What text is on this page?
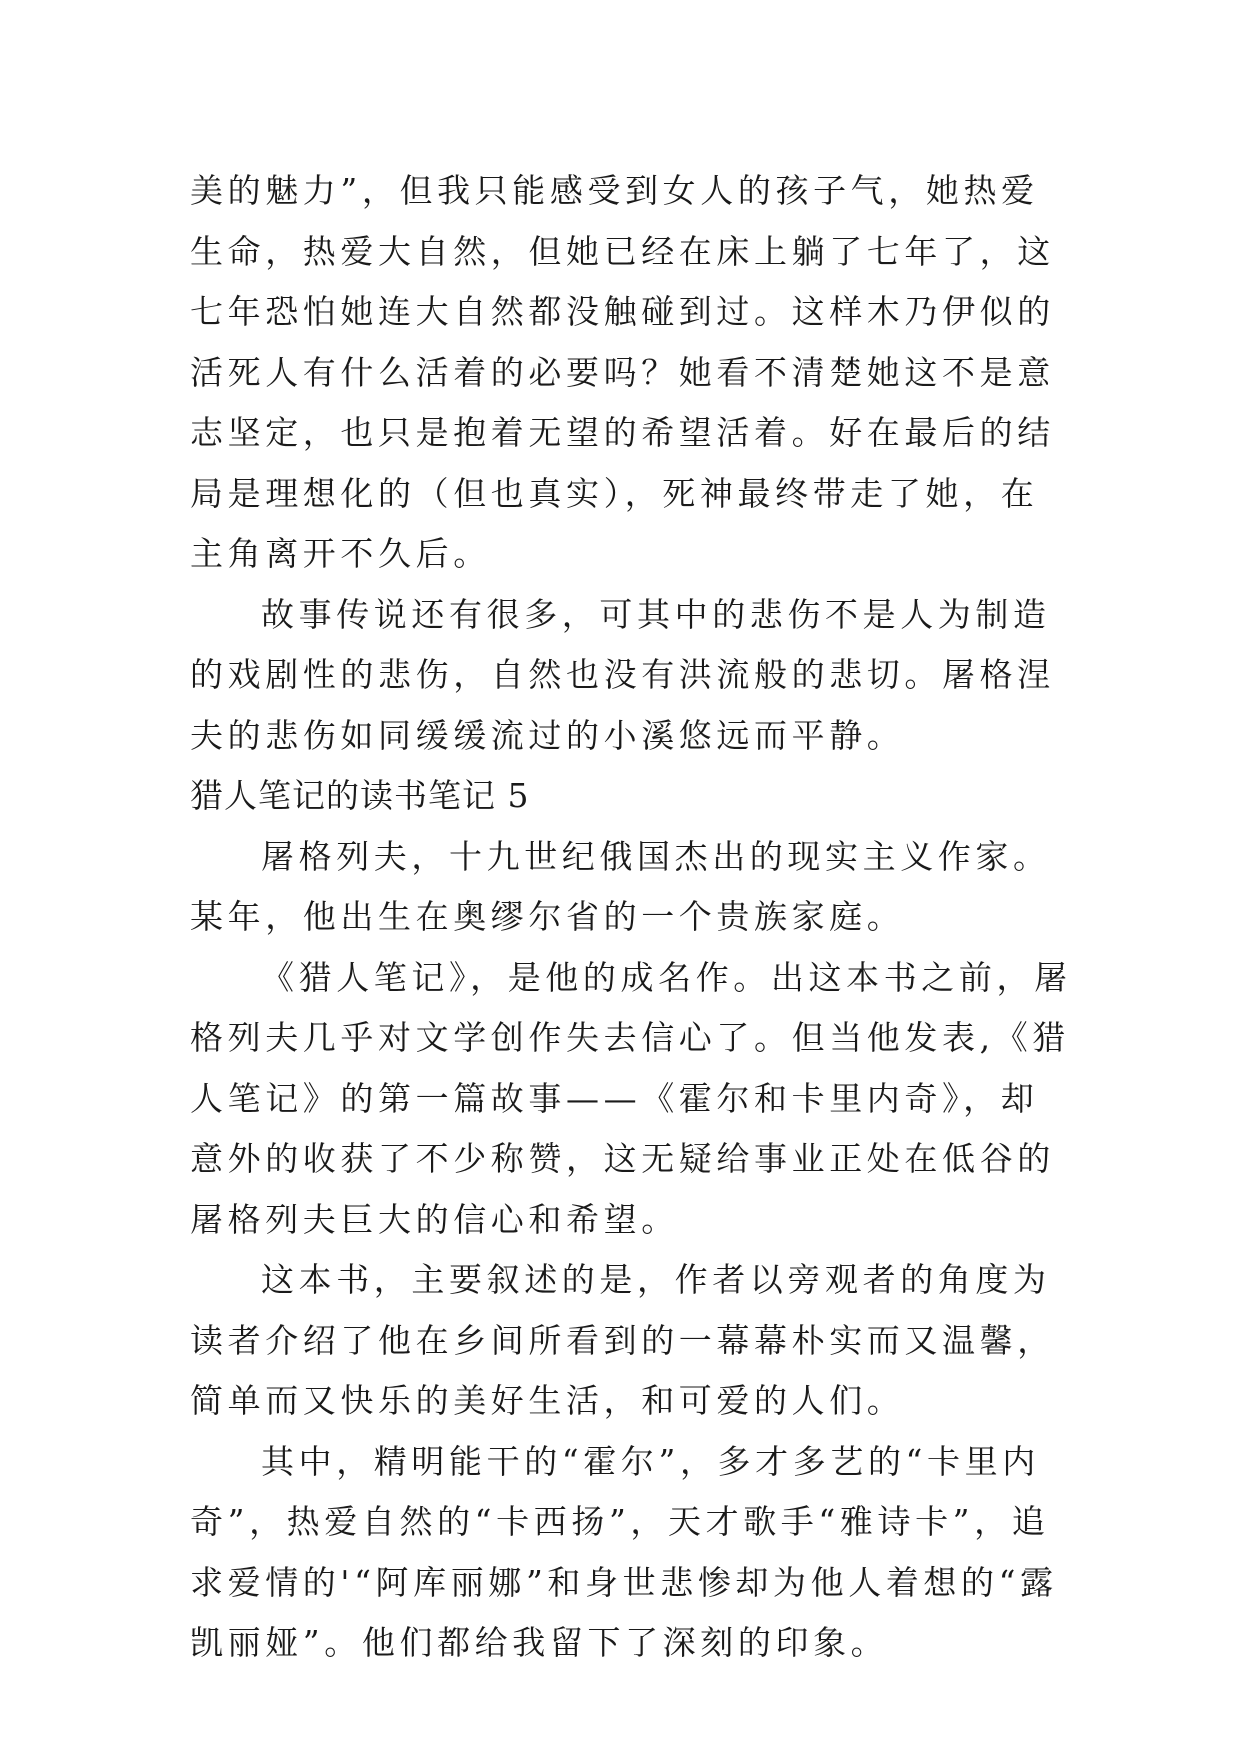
美的魅力”，但我只能感受到女人的孩子气，她热爱生命，热爱大自然，但她已经在床上躺了七年了，这七年恐怕她连大自然都没触碰到过。这样木乃伊似的活死人有什么活着的必要吗？她看不清楚她这不是意志坚定，也只是抱着无望的希望活着。好在最后的结局是理想化的（但也真实），死神最终带走了她，在主角离开不久后。

故事传说还有很多，可其中的悲伤不是人为制造的戏剧性的悲伤，自然也没有洪流般的悲切。屠格涅夫的悲伤如同缓缓流过的小溪悠远而平静。

猎人笔记的读书笔记 5

屠格列夫，十九世纪俄国杰出的现实主义作家。某年，他出生在奥缪尔省的一个贵族家庭。

《猎人笔记》，是他的成名作。出这本书之前，屠格列夫几乎对文学创作失去信心了。但当他发表,《猎人笔记》的第一篇故事——《霍尔和卡里内奇》，却意外的收获了不少称赞，这无疑给事业正处在低谷的屠格列夫巨大的信心和希望。

这本书，主要叙述的是，作者以旁观者的角度为读者介绍了他在乡间所看到的一幕幕朴实而又温馨，简单而又快乐的美好生活，和可爱的人们。

其中，精明能干的“霍尔”，多才多艺的“卡里内奇”，热爱自然的“卡西扬”，天才歌手“雅诗卡”，追求爱情的'“阿库丽娜”和身世悲惨却为他人着想的“露凯丽娅”。他们都给我留下了深刻的印象。
